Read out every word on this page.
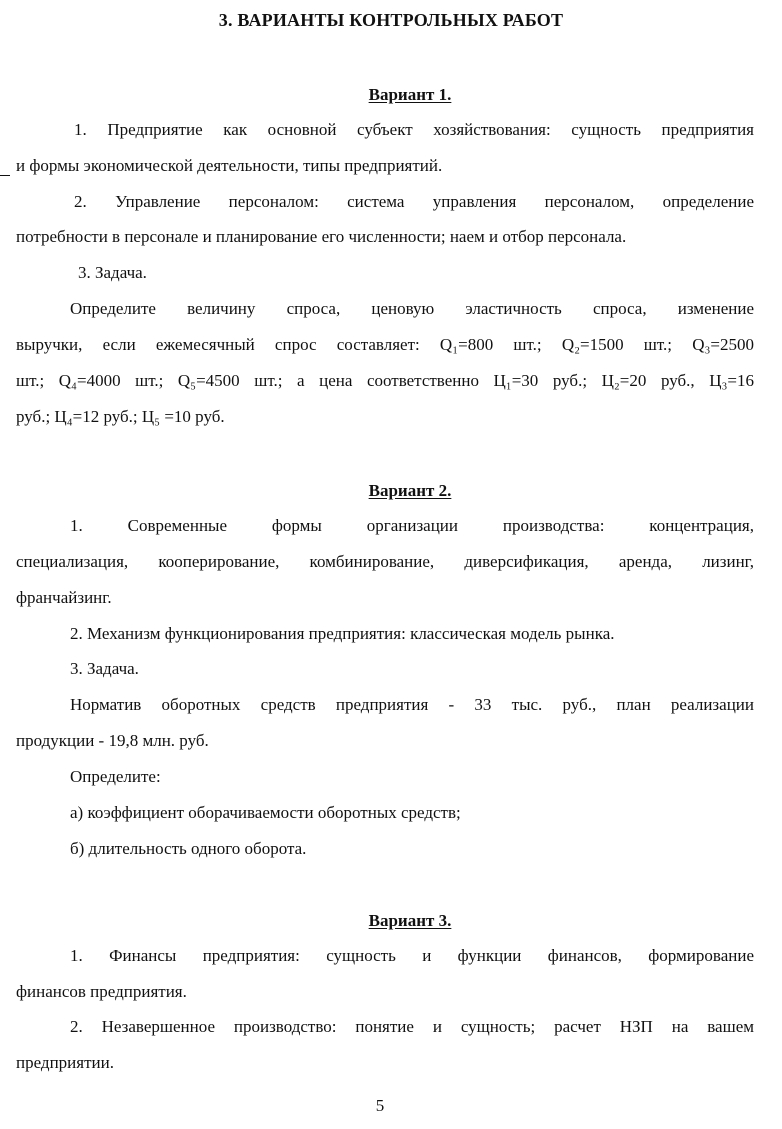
3. ВАРИАНТЫ КОНТРОЛЬНЫХ РАБОТ
Вариант 1.
1. Предприятие как основной субъект хозяйствования: сущность предприятия
и формы экономической деятельности, типы предприятий.
2. Управление персоналом: система управления персоналом, определение
потребности в персонале и планирование его численности; наем и отбор персонала.
3. Задача.
Определите величину спроса, ценовую эластичность спроса, изменение
выручки, если ежемесячный спрос составляет: Q₁=800 шт.; Q₂=1500 шт.; Q₃=2500
шт.; Q₄=4000 шт.; Q₅=4500 шт.; а цена соответственно Ц₁=30 руб.; Ц₂=20 руб., Ц₃=16
руб.; Ц₄=12 руб.; Ц₅ =10 руб.
Вариант 2.
1. Современные формы организации производства: концентрация,
специализация, кооперирование, комбинирование, диверсификация, аренда, лизинг,
франчайзинг.
2. Механизм функционирования предприятия: классическая модель рынка.
3. Задача.
Норматив оборотных средств предприятия - 33 тыс. руб., план реализации
продукции - 19,8 млн. руб.
Определите:
а) коэффициент оборачиваемости оборотных средств;
б) длительность одного оборота.
Вариант 3.
1. Финансы предприятия: сущность и функции финансов, формирование
финансов предприятия.
2. Незавершенное производство: понятие и сущность; расчет НЗП на вашем
предприятии.
5
